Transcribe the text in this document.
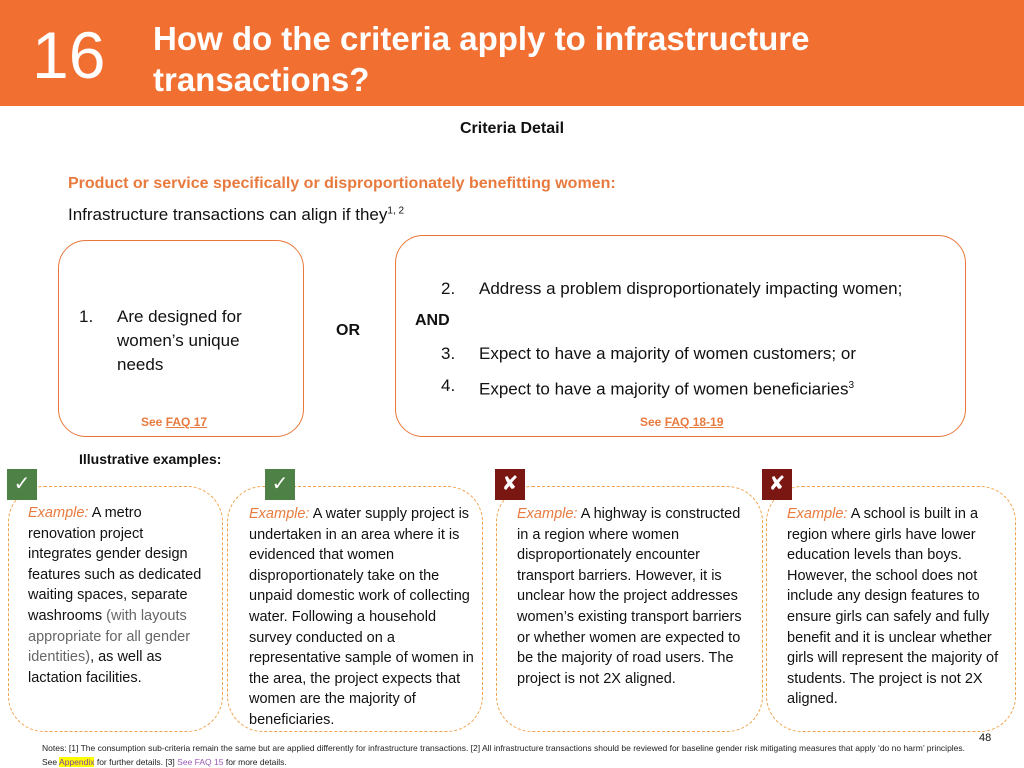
16 How do the criteria apply to infrastructure transactions?
Criteria Detail
Product or service specifically or disproportionately benefitting women:
Infrastructure transactions can align if they$^{1, 2}$
1. Are designed for women’s unique needs
See FAQ 17
OR
2. Address a problem disproportionately impacting women;
AND
3. Expect to have a majority of women customers; or
4. Expect to have a majority of women beneficiaries$^3$
See FAQ 18-19
Illustrative examples:
✓	✓	✘	✘
Example: A metro renovation project integrates gender design features such as dedicated waiting spaces, separate washrooms (with layouts appropriate for all gender identities), as well as lactation facilities.
Example: A water supply project is undertaken in an area where it is evidenced that women disproportionately take on the unpaid domestic work of collecting water. Following a household survey conducted on a representative sample of women in the area, the project expects that women are the majority of beneficiaries.
Example: A highway is constructed in a region where women disproportionately encounter transport barriers. However, it is unclear how the project addresses women’s existing transport barriers or whether women are expected to be the majority of road users. The project is not 2X aligned.
Example: A school is built in a region where girls have lower education levels than boys. However, the school does not include any design features to ensure girls can safely and fully benefit and it is unclear whether girls will represent the majority of students. The project is not 2X aligned.
48
Notes: [1] The consumption sub-criteria remain the same but are applied differently for infrastructure transactions. [2] All infrastructure transactions should be reviewed for baseline gender risk mitigating measures that apply ‘do no harm’ principles. See Appendix for further details. [3] See FAQ 15 for more details.
